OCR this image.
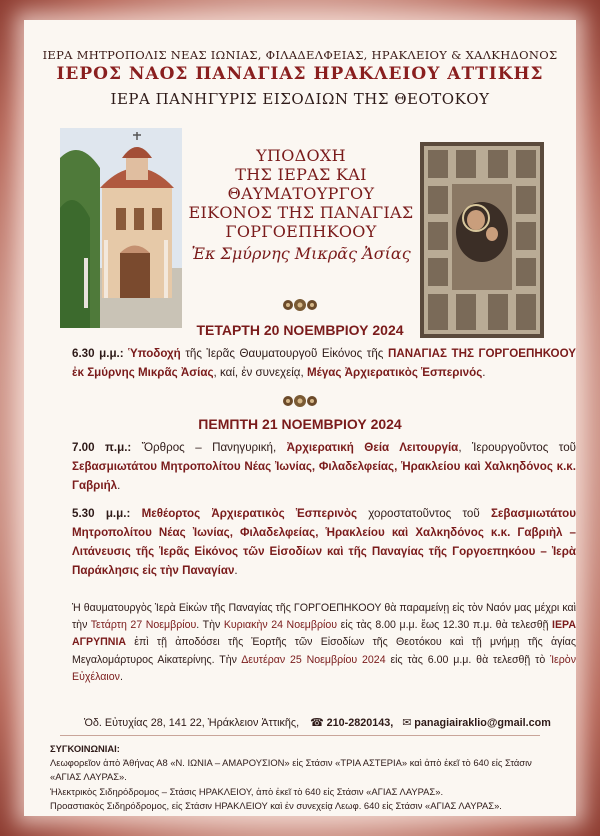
ΙΕΡΑ ΜΗΤΡΟΠΟΛΙΣ ΝΕΑΣ ΙΩΝΙΑΣ, ΦΙΛΑΔΕΛΦΕΙΑΣ, ΗΡΑΚΛΕΙΟΥ & ΧΑΛΚΗΔΟΝΟΣ
ΙΕΡΟΣ ΝΑΟΣ ΠΑΝΑΓΙΑΣ ΗΡΑΚΛΕΙΟΥ ΑΤΤΙΚΗΣ
ΙΕΡΑ ΠΑΝΗΓΥΡΙΣ ΕΙΣΟΔΙΩΝ ΤΗΣ ΘΕΟΤΟΚΟΥ
ΥΠΟΔΟΧΗ
ΤΗΣ ΙΕΡΑΣ ΚΑΙ
ΘΑΥΜΑΤΟΥΡΓΟΥ
ΕΙΚΟΝΟΣ ΤΗΣ ΠΑΝΑΓΙΑΣ
ΓΟΡΓΟΕΠΗΚΟΟΥ
Ἐκ Σμύρνης Μικρᾶς Ἀσίας
ΤΕΤΑΡΤΗ 20 ΝΟΕΜΒΡΙΟΥ 2024
6.30 μ.μ.: Ὑποδοχή τῆς Ἱερᾶς Θαυματουργοῦ Εἰκόνος τῆς ΠΑΝΑΓΙΑΣ ΤΗΣ ΓΟΡΓΟΕΠΗΚΟΟΥ ἐκ Σμύρνης Μικρᾶς Ἀσίας, καί, ἐν συνεχείᾳ, Μέγας Ἀρχιερατικὸς Ἑσπερινός.
ΠΕΜΠΤΗ 21 ΝΟΕΜΒΡΙΟΥ 2024
7.00 π.μ.: Ὄρθρος – Πανηγυρική, Ἀρχιερατική Θεία Λειτουργία, Ἱερουργοῦντος τοῦ Σεβασμιωτάτου Μητροπολίτου Νέας Ἰωνίας, Φιλαδελφείας, Ἡρακλείου καὶ Χαλκηδόνος κ.κ. Γαβριήλ.
5.30 μ.μ.: Μεθέορτος Ἀρχιερατικὸς Ἑσπερινὸς χοροστατοῦντος τοῦ Σεβασμιωτάτου Μητροπολίτου Νέας Ἰωνίας, Φιλαδελφείας, Ἡρακλείου καὶ Χαλκηδόνος κ.κ. Γαβριὴλ – Λιτάνευσις τῆς Ἱερᾶς Εἰκόνος τῶν Εἰσοδίων καὶ τῆς Παναγίας τῆς Γοργοεπηκόου – Ἱερὰ Παράκλησις εἰς τὴν Παναγίαν.
Ἡ θαυματουργὸς Ἱερὰ Εἰκὼν τῆς Παναγίας τῆς ΓΟΡΓΟΕΠΗΚΟΟΥ θὰ παραμείνῃ εἰς τὸν Ναόν μας μέχρι καὶ τὴν Τετάρτη 27 Νοεμβρίου. Τὴν Κυριακὴν 24 Νοεμβρίου εἰς τὰς 8.00 μ.μ. ἕως 12.30 π.μ. θὰ τελεσθῇ ΙΕΡΑ ΑΓΡΥΠΝΙΑ ἐπὶ τῇ ἀποδόσει τῆς Ἑορτῆς τῶν Εἰσοδίων τῆς Θεοτόκου καὶ τῇ μνήμῃ τῆς ἁγίας Μεγαλομάρτυρος Αἰκατερίνης. Τὴν Δευτέραν 25 Νοεμβρίου 2024 εἰς τὰς 6.00 μ.μ. θὰ τελεσθῇ τὸ Ἱερὸν Εὐχέλαιον.
Ὁδ. Εὐτυχίας 28, 141 22, Ἡράκλειον Ἀττικῆς, ☎ 210-2820143, ✉ panagiairaklio@gmail.com
ΣΥΓΚΟΙΝΩΝΙΑΙ:
Λεωφορεῖον ἀπὸ Ἀθήνας Α8 «Ν. ΙΩΝΙΑ – ΑΜΑΡΟΥΣΙΟΝ» εἰς Στάσιν «ΤΡΙΑ ΑΣΤΕΡΙΑ» καὶ ἀπὸ ἐκεῖ τὸ 640 εἰς Στάσιν «ΑΓΙΑΣ ΛΑΥΡΑΣ».
Ἠλεκτρικὸς Σιδηρόδρομος – Στάσις ΗΡΑΚΛΕΙΟΥ, ἀπὸ ἐκεῖ τὸ 640 εἰς Στάσιν «ΑΓΙΑΣ ΛΑΥΡΑΣ».
Προαστιακὸς Σιδηρόδρομος, εἰς Στάσιν ΗΡΑΚΛΕΙΟΥ καὶ ἐν συνεχείᾳ Λεωφ. 640 εἰς Στάσιν «ΑΓΙΑΣ ΛΑΥΡΑΣ».
